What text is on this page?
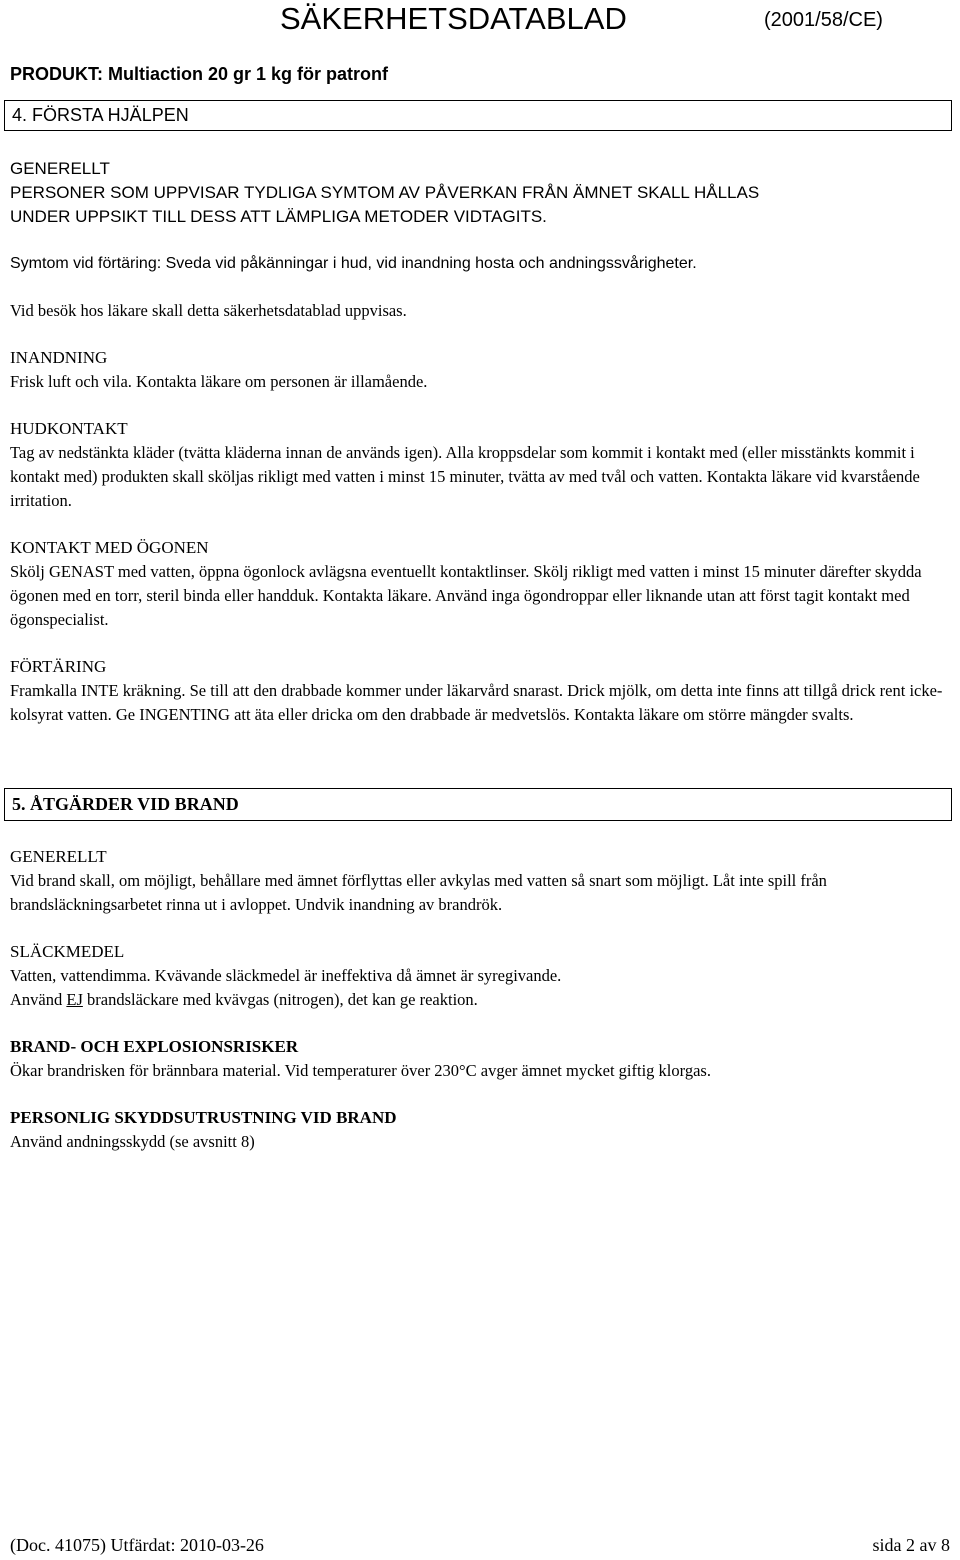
SÄKERHETSDATABLAD	(2001/58/CE)
PRODUKT: Multiaction 20 gr 1 kg för patronf
4. FÖRSTA HJÄLPEN
GENERELLT
PERSONER SOM UPPVISAR TYDLIGA SYMTOM AV PÅVERKAN FRÅN ÄMNET SKALL HÅLLAS
UNDER UPPSIKT TILL DESS ATT LÄMPLIGA METODER VIDTAGITS.
Symtom vid förtäring: Sveda vid påkänningar i hud, vid inandning hosta och andningssvårigheter.
Vid besök hos läkare skall detta säkerhetsdatablad uppvisas.
INANDNING
Frisk luft och vila. Kontakta läkare om personen är illamående.
HUDKONTAKT
Tag av nedstänkta kläder (tvätta kläderna innan de används igen). Alla kroppsdelar som kommit i kontakt med (eller misstänkts kommit i kontakt med) produkten skall sköljas rikligt med vatten i minst 15 minuter, tvätta av med tvål och vatten. Kontakta läkare vid kvarstående irritation.
KONTAKT MED ÖGONEN
Skölj GENAST med vatten, öppna ögonlock avlägsna eventuellt kontaktlinser. Skölj rikligt med vatten i minst 15 minuter därefter skydda ögonen med en torr, steril binda eller handduk. Kontakta läkare. Använd inga ögondroppar eller liknande utan att först tagit kontakt med ögonspecialist.
FÖRTÄRING
Framkalla INTE kräkning. Se till att den drabbade kommer under läkarvård snarast. Drick mjölk, om detta inte finns att tillgå drick rent icke-kolsyrat vatten. Ge INGENTING att äta eller dricka om den drabbade är medvetslös. Kontakta läkare om större mängder svalts.
5. ÅTGÄRDER VID BRAND
GENERELLT
Vid brand skall, om möjligt, behållare med ämnet förflyttas eller avkylas med vatten så snart som möjligt. Låt inte spill från brandsläckningsarbetet rinna ut i avloppet. Undvik inandning av brandrök.
SLÄCKMEDEL
Vatten, vattendimma. Kvävande släckmedel är ineffektiva då ämnet är syregivande.
Använd EJ brandsläckare med kvävgas (nitrogen), det kan ge reaktion.
BRAND- OCH EXPLOSIONSRISKER
Ökar brandrisken för brännbara material. Vid temperaturer över 230°C avger ämnet mycket giftig klorgas.
PERSONLIG SKYDDSUTRUSTNING VID BRAND
Använd andningsskydd (se avsnitt 8)
(Doc. 41075) Utfärdat: 2010-03-26	sida 2 av 8
